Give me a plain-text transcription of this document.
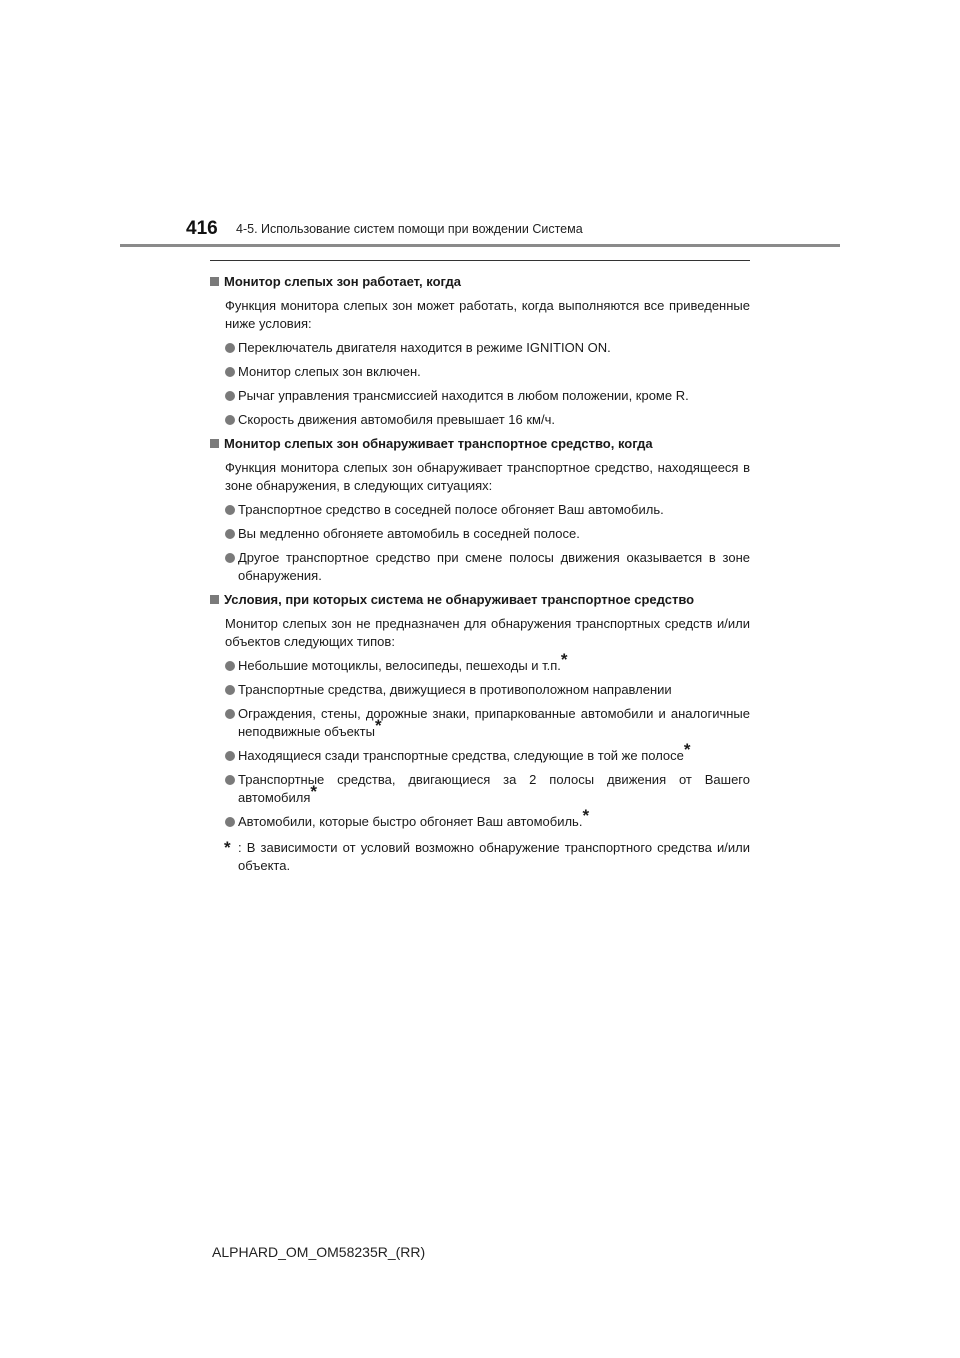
416 4-5. Использование систем помощи при вождении Система
Монитор слепых зон работает, когда
Функция монитора слепых зон может работать, когда выполняются все приведенные ниже условия:
Переключатель двигателя находится в режиме IGNITION ON.
Монитор слепых зон включен.
Рычаг управления трансмиссией находится в любом положении, кроме R.
Скорость движения автомобиля превышает 16 км/ч.
Монитор слепых зон обнаруживает транспортное средство, когда
Функция монитора слепых зон обнаруживает транспортное средство, находящееся в зоне обнаружения, в следующих ситуациях:
Транспортное средство в соседней полосе обгоняет Ваш автомобиль.
Вы медленно обгоняете автомобиль в соседней полосе.
Другое транспортное средство при смене полосы движения оказывается в зоне обнаружения.
Условия, при которых система не обнаруживает транспортное средство
Монитор слепых зон не предназначен для обнаружения транспортных средств и/или объектов следующих типов:
Небольшие мотоциклы, велосипеды, пешеходы и т.п.*
Транспортные средства, движущиеся в противоположном направлении
Ограждения, стены, дорожные знаки, припаркованные автомобили и аналогичные неподвижные объекты*
Находящиеся сзади транспортные средства, следующие в той же полосе*
Транспортные средства, двигающиеся за 2 полосы движения от Вашего автомобиля*
Автомобили, которые быстро обгоняет Ваш автомобиль.*
* : В зависимости от условий возможно обнаружение транспортного средства и/или объекта.
ALPHARD_OM_OM58235R_(RR)
